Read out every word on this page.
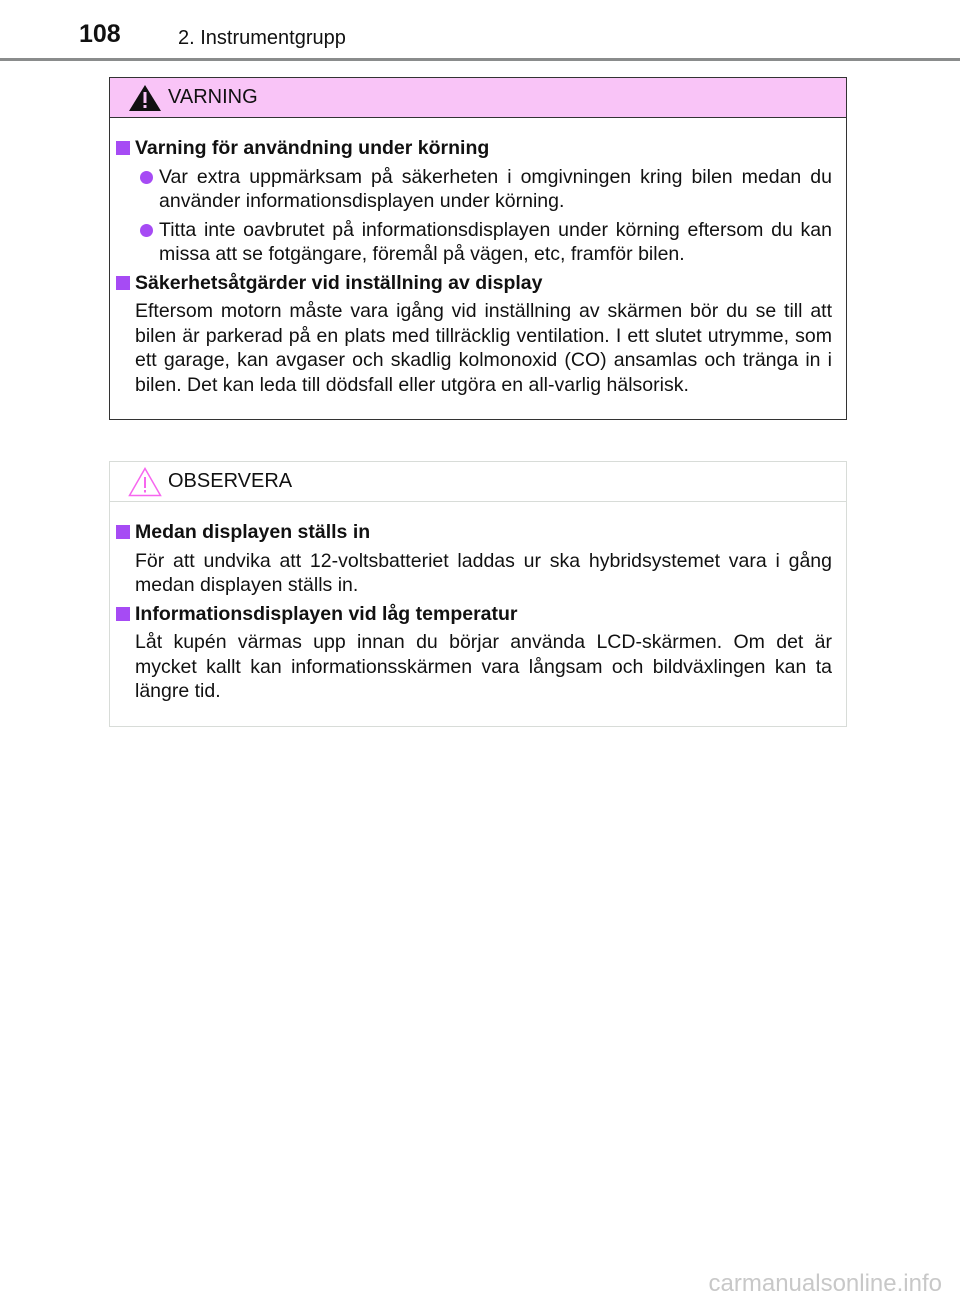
108	2. Instrumentgrupp
VARNING
Varning för användning under körning
Var extra uppmärksam på säkerheten i omgivningen kring bilen medan du använder informationsdisplayen under körning.
Titta inte oavbrutet på informationsdisplayen under körning eftersom du kan missa att se fotgängare, föremål på vägen, etc, framför bilen.
Säkerhetsåtgärder vid inställning av display
Eftersom motorn måste vara igång vid inställning av skärmen bör du se till att bilen är parkerad på en plats med tillräcklig ventilation. I ett slutet utrymme, som ett garage, kan avgaser och skadlig kolmonoxid (CO) ansamlas och tränga in i bilen. Det kan leda till dödsfall eller utgöra en all-varlig hälsorisk.
OBSERVERA
Medan displayen ställs in
För att undvika att 12-voltsbatteriet laddas ur ska hybridsystemet vara i gång medan displayen ställs in.
Informationsdisplayen vid låg temperatur
Låt kupén värmas upp innan du börjar använda LCD-skärmen. Om det är mycket kallt kan informationsskärmen vara långsam och bildväxlingen kan ta längre tid.
carmanualsonline.info
